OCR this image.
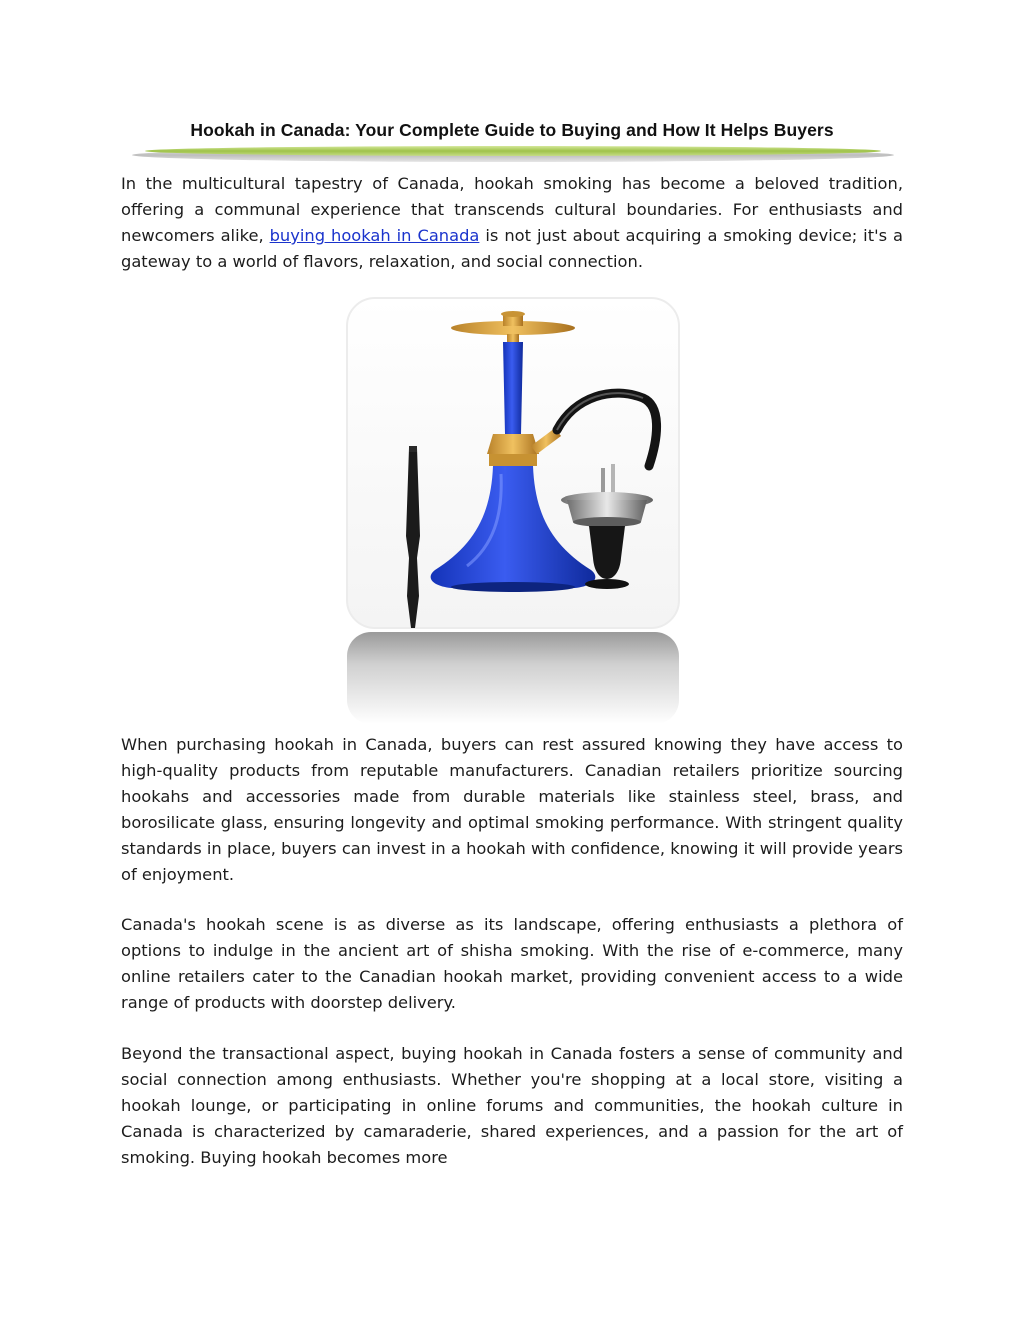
Hookah in Canada: Your Complete Guide to Buying and How It Helps Buyers

In the multicultural tapestry of Canada, hookah smoking has become a beloved tradition, offering a communal experience that transcends cultural boundaries. For enthusiasts and newcomers alike, buying hookah in Canada is not just about acquiring a smoking device; it's a gateway to a world of flavors, relaxation, and social connection.

When purchasing hookah in Canada, buyers can rest assured knowing they have access to high-quality products from reputable manufacturers. Canadian retailers prioritize sourcing hookahs and accessories made from durable materials like stainless steel, brass, and borosilicate glass, ensuring longevity and optimal smoking performance. With stringent quality standards in place, buyers can invest in a hookah with confidence, knowing it will provide years of enjoyment.

Canada's hookah scene is as diverse as its landscape, offering enthusiasts a plethora of options to indulge in the ancient art of shisha smoking. With the rise of e-commerce, many online retailers cater to the Canadian hookah market, providing convenient access to a wide range of products with doorstep delivery.

Beyond the transactional aspect, buying hookah in Canada fosters a sense of community and social connection among enthusiasts. Whether you're shopping at a local store, visiting a hookah lounge, or participating in online forums and communities, the hookah culture in Canada is characterized by camaraderie, shared experiences, and a passion for the art of smoking. Buying hookah becomes more
